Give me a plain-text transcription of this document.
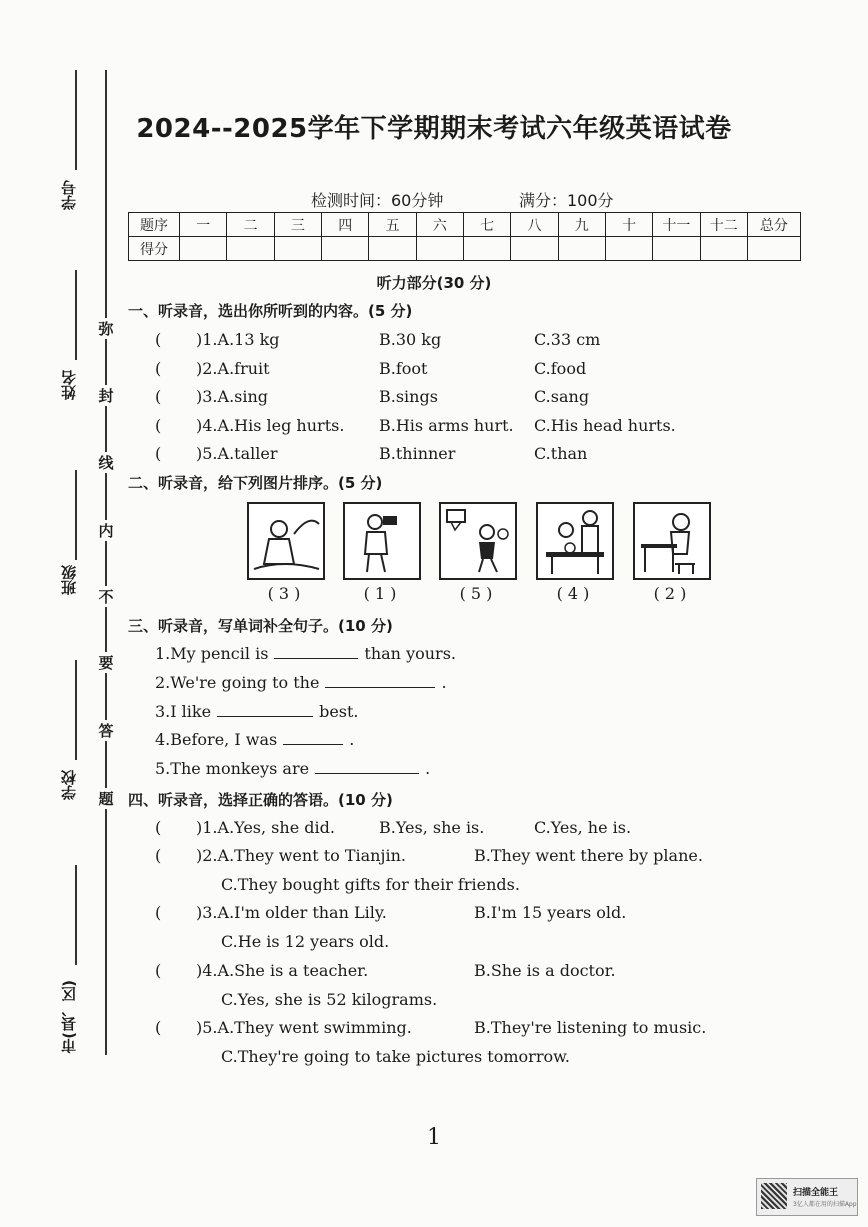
2024--2025学年下学期期末考试六年级英语试卷
检测时间：60分钟	满分：100分
题序	一	二	三	四	五	六	七	八	九	十	十一	十二	总分
得分													
听力部分(30 分)
一、听录音，选出你所听到的内容。(5 分)
( )1.A.13 kg	B.30 kg	C.33 cm
( )2.A.fruit	B.foot	C.food
( )3.A.sing	B.sings	C.sang
( )4.A.His leg hurts. B.His arms hurt. C.His head hurts.
( )5.A.taller	B.thinner	C.than
二、听录音，给下列图片排序。(5 分)
( 3 )	( 1 )	( 5 )	( 4 )	( 2 )
三、听录音，写单词补全句子。(10 分)
1.My pencil is	than yours.
2.We're going to the	.
3.I like	best.
4.Before, I was	.
5.The monkeys are	.
四、听录音，选择正确的答语。(10 分)
( )1.A.Yes, she did.	B.Yes, she is.	C.Yes, he is.
( )2.A.They went to Tianjin.	B.They went there by plane.
C.They bought gifts for their friends.
( )3.A.I'm older than Lily.	B.I'm 15 years old.
C.He is 12 years old.
( )4.A.She is a teacher.	B.She is a doctor.
C.Yes, she is 52 kilograms.
( )5.A.They went swimming.	B.They're listening to music.
C.They're going to take pictures tomorrow.
学号
姓名
班级
学校
市(县、区)
弥
封
线
内
不
要
答
题
1
扫描全能王
3亿人都在用的扫描App
